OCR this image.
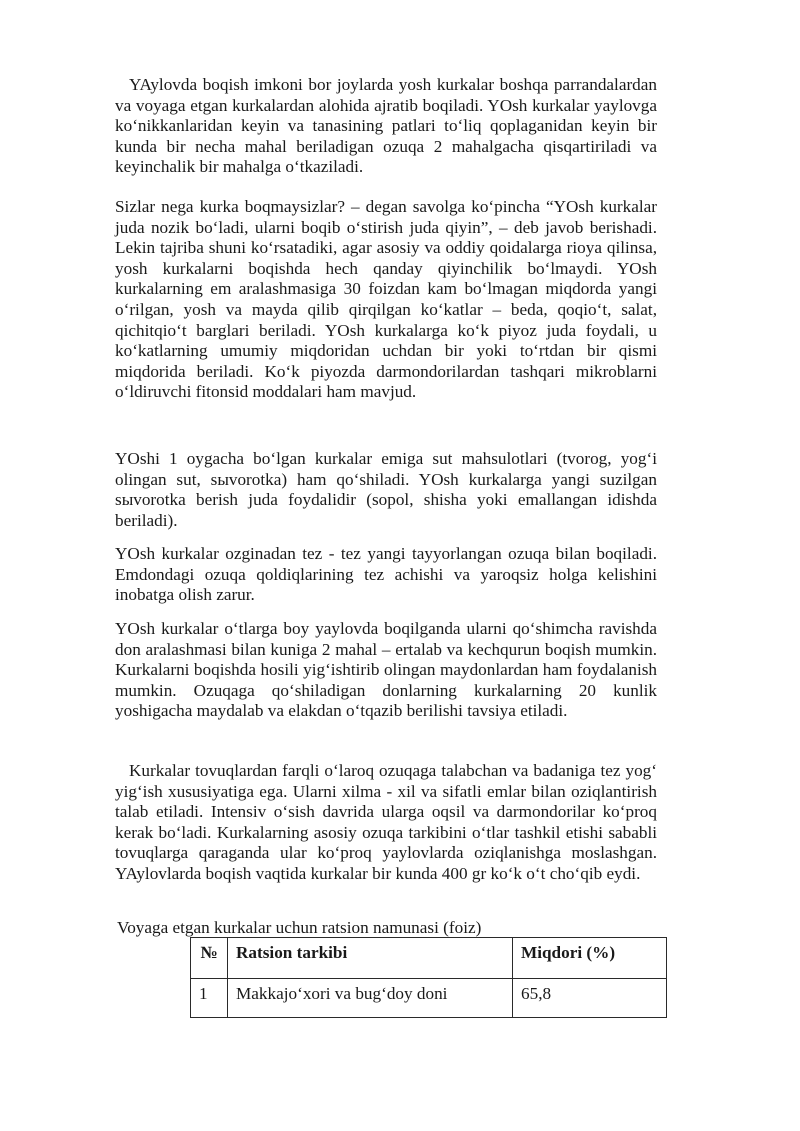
YAylovda boqish imkoni bor joylarda yosh kurkalar boshqa parrandalardan va voyaga etgan kurkalardan alohida ajratib boqiladi. YOsh kurkalar yaylovga ko‘nikkanlaridan keyin va tanasining patlari to‘liq qoplaganidan keyin bir kunda bir necha mahal beriladigan ozuqa 2 mahalgacha qisqartiriladi va keyinchalik bir mahalga o‘tkaziladi.

Sizlar nega kurka boqmaysizlar? – degan savolga ko‘pincha “YOsh kurkalar juda nozik bo‘ladi, ularni boqib o‘stirish juda qiyin”, – deb javob berishadi. Lekin tajriba shuni ko‘rsatadiki, agar asosiy va oddiy qoidalarga rioya qilinsa, yosh kurkalarni boqishda hech qanday qiyinchilik bo‘lmaydi. YOsh kurkalarning em aralashmasiga 30 foizdan kam bo‘lmagan miqdorda yangi o‘rilgan, yosh va mayda qilib qirqilgan ko‘katlar – beda, qoqio‘t, salat, qichitqio‘t barglari beriladi. YOsh kurkalarga ko‘k piyoz juda foydali, u ko‘katlarning umumiy miqdoridan uchdan bir yoki to‘rtdan bir qismi miqdorida beriladi. Ko‘k piyozda darmondorilardan tashqari mikroblarni o‘ldiruvchi fitonsid moddalari ham mavjud.

YOshi 1 oygacha bo‘lgan kurkalar emiga sut mahsulotlari (tvorog, yog‘i olingan sut, sыvorotka) ham qo‘shiladi. YOsh kurkalarga yangi suzilgan sыvorotka berish juda foydalidir (sopol, shisha yoki emallangan idishda beriladi).

YOsh kurkalar ozginadan tez - tez yangi tayyorlangan ozuqa bilan boqiladi. Emdondagi ozuqa qoldiqlarining tez achishi va yaroqsiz holga kelishini inobatga olish zarur.

YOsh kurkalar o‘tlarga boy yaylovda boqilganda ularni qo‘shimcha ravishda don aralashmasi bilan kuniga 2 mahal – ertalab va kechqurun boqish mumkin. Kurkalarni boqishda hosili yig‘ishtirib olingan maydonlardan ham foydalanish mumkin. Ozuqaga qo‘shiladigan donlarning kurkalarning 20 kunlik yoshigacha maydalab va elakdan o‘tqazib berilishi tavsiya etiladi.

Kurkalar tovuqlardan farqli o‘laroq ozuqaga talabchan va badaniga tez yog‘ yig‘ish xususiyatiga ega. Ularni xilma - xil va sifatli emlar bilan oziqlantirish talab etiladi. Intensiv o‘sish davrida ularga oqsil va darmondorilar ko‘proq kerak bo‘ladi. Kurkalarning asosiy ozuqa tarkibini o‘tlar tashkil etishi sababli tovuqlarga qaraganda ular ko‘proq yaylovlarda oziqlanishga moslashgan. YAylovlarda boqish vaqtida kurkalar bir kunda 400 gr ko‘k o‘t cho‘qib eydi.

Voyaga etgan kurkalar uchun ratsion namunasi (foiz)
№	Ratsion tarkibi	Miqdori (%)
1	Makkajo‘xori va bug‘doy doni	65,8
